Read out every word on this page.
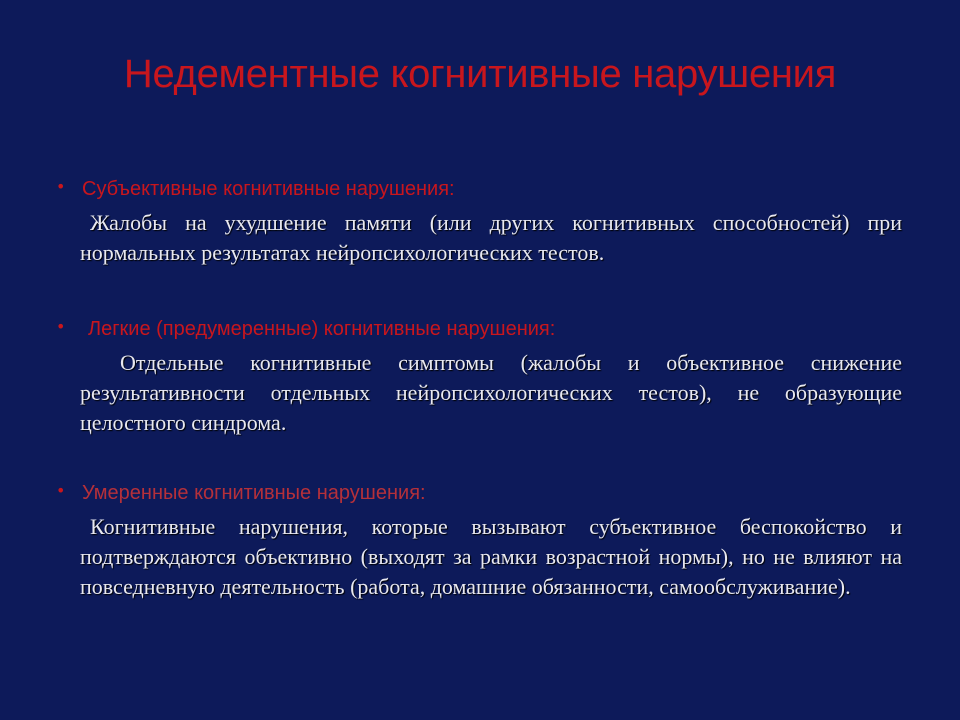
Недементные когнитивные нарушения
• Субъективные когнитивные нарушения:
Жалобы на ухудшение памяти (или других когнитивных способностей) при нормальных результатах нейропсихологических тестов.
• Легкие (предумеренные) когнитивные нарушения:
Отдельные когнитивные симптомы (жалобы и объективное снижение результативности отдельных нейропсихологических тестов), не образующие целостного синдрома.
• Умеренные когнитивные нарушения:
Когнитивные нарушения, которые вызывают субъективное беспокойство и подтверждаются объективно (выходят за рамки возрастной нормы), но не влияют на повседневную деятельность (работа, домашние обязанности, самообслуживание).
